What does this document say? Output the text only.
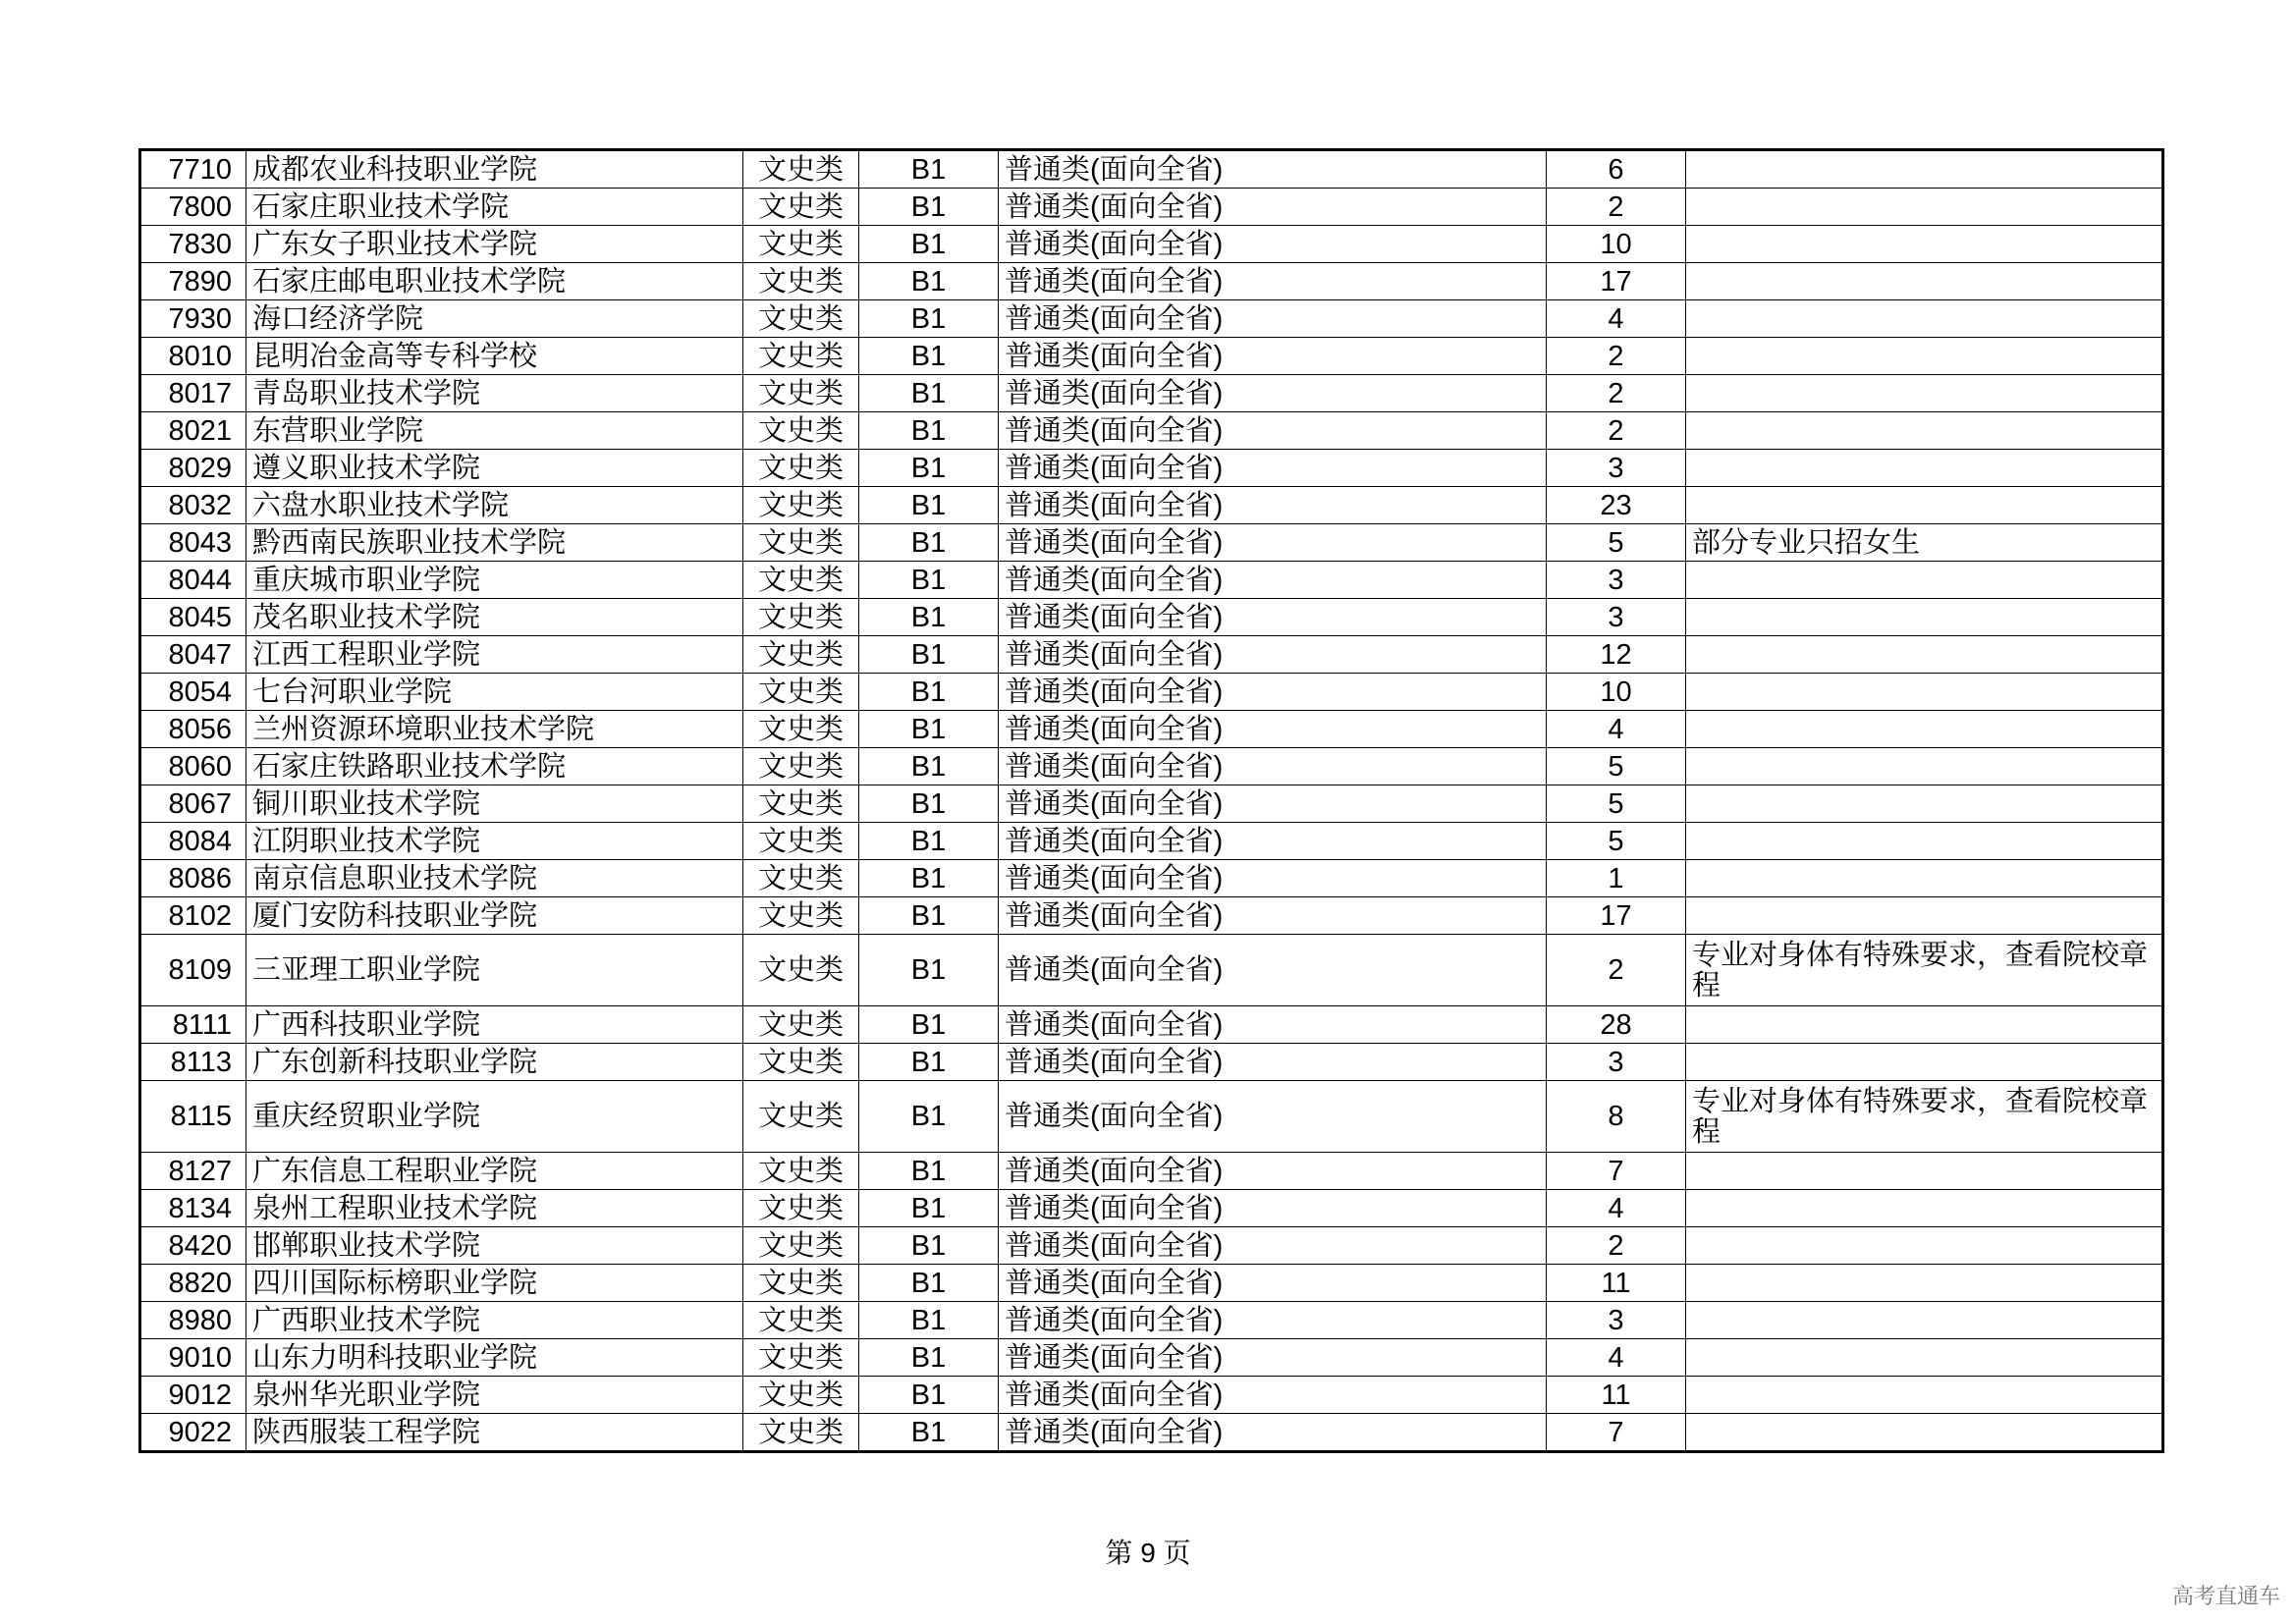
7710	成都农业科技职业学院	文史类	B1	普通类(面向全省)	6	
7800	石家庄职业技术学院	文史类	B1	普通类(面向全省)	2	
7830	广东女子职业技术学院	文史类	B1	普通类(面向全省)	10	
7890	石家庄邮电职业技术学院	文史类	B1	普通类(面向全省)	17	
7930	海口经济学院	文史类	B1	普通类(面向全省)	4	
8010	昆明冶金高等专科学校	文史类	B1	普通类(面向全省)	2	
8017	青岛职业技术学院	文史类	B1	普通类(面向全省)	2	
8021	东营职业学院	文史类	B1	普通类(面向全省)	2	
8029	遵义职业技术学院	文史类	B1	普通类(面向全省)	3	
8032	六盘水职业技术学院	文史类	B1	普通类(面向全省)	23	
8043	黔西南民族职业技术学院	文史类	B1	普通类(面向全省)	5	部分专业只招女生
8044	重庆城市职业学院	文史类	B1	普通类(面向全省)	3	
8045	茂名职业技术学院	文史类	B1	普通类(面向全省)	3	
8047	江西工程职业学院	文史类	B1	普通类(面向全省)	12	
8054	七台河职业学院	文史类	B1	普通类(面向全省)	10	
8056	兰州资源环境职业技术学院	文史类	B1	普通类(面向全省)	4	
8060	石家庄铁路职业技术学院	文史类	B1	普通类(面向全省)	5	
8067	铜川职业技术学院	文史类	B1	普通类(面向全省)	5	
8084	江阴职业技术学院	文史类	B1	普通类(面向全省)	5	
8086	南京信息职业技术学院	文史类	B1	普通类(面向全省)	1	
8102	厦门安防科技职业学院	文史类	B1	普通类(面向全省)	17	
8109	三亚理工职业学院	文史类	B1	普通类(面向全省)	2	专业对身体有特殊要求，查看院校章程
8111	广西科技职业学院	文史类	B1	普通类(面向全省)	28	
8113	广东创新科技职业学院	文史类	B1	普通类(面向全省)	3	
8115	重庆经贸职业学院	文史类	B1	普通类(面向全省)	8	专业对身体有特殊要求，查看院校章程
8127	广东信息工程职业学院	文史类	B1	普通类(面向全省)	7	
8134	泉州工程职业技术学院	文史类	B1	普通类(面向全省)	4	
8420	邯郸职业技术学院	文史类	B1	普通类(面向全省)	2	
8820	四川国际标榜职业学院	文史类	B1	普通类(面向全省)	11	
8980	广西职业技术学院	文史类	B1	普通类(面向全省)	3	
9010	山东力明科技职业学院	文史类	B1	普通类(面向全省)	4	
9012	泉州华光职业学院	文史类	B1	普通类(面向全省)	11	
9022	陕西服装工程学院	文史类	B1	普通类(面向全省)	7	
第 9 页
高考直通车
